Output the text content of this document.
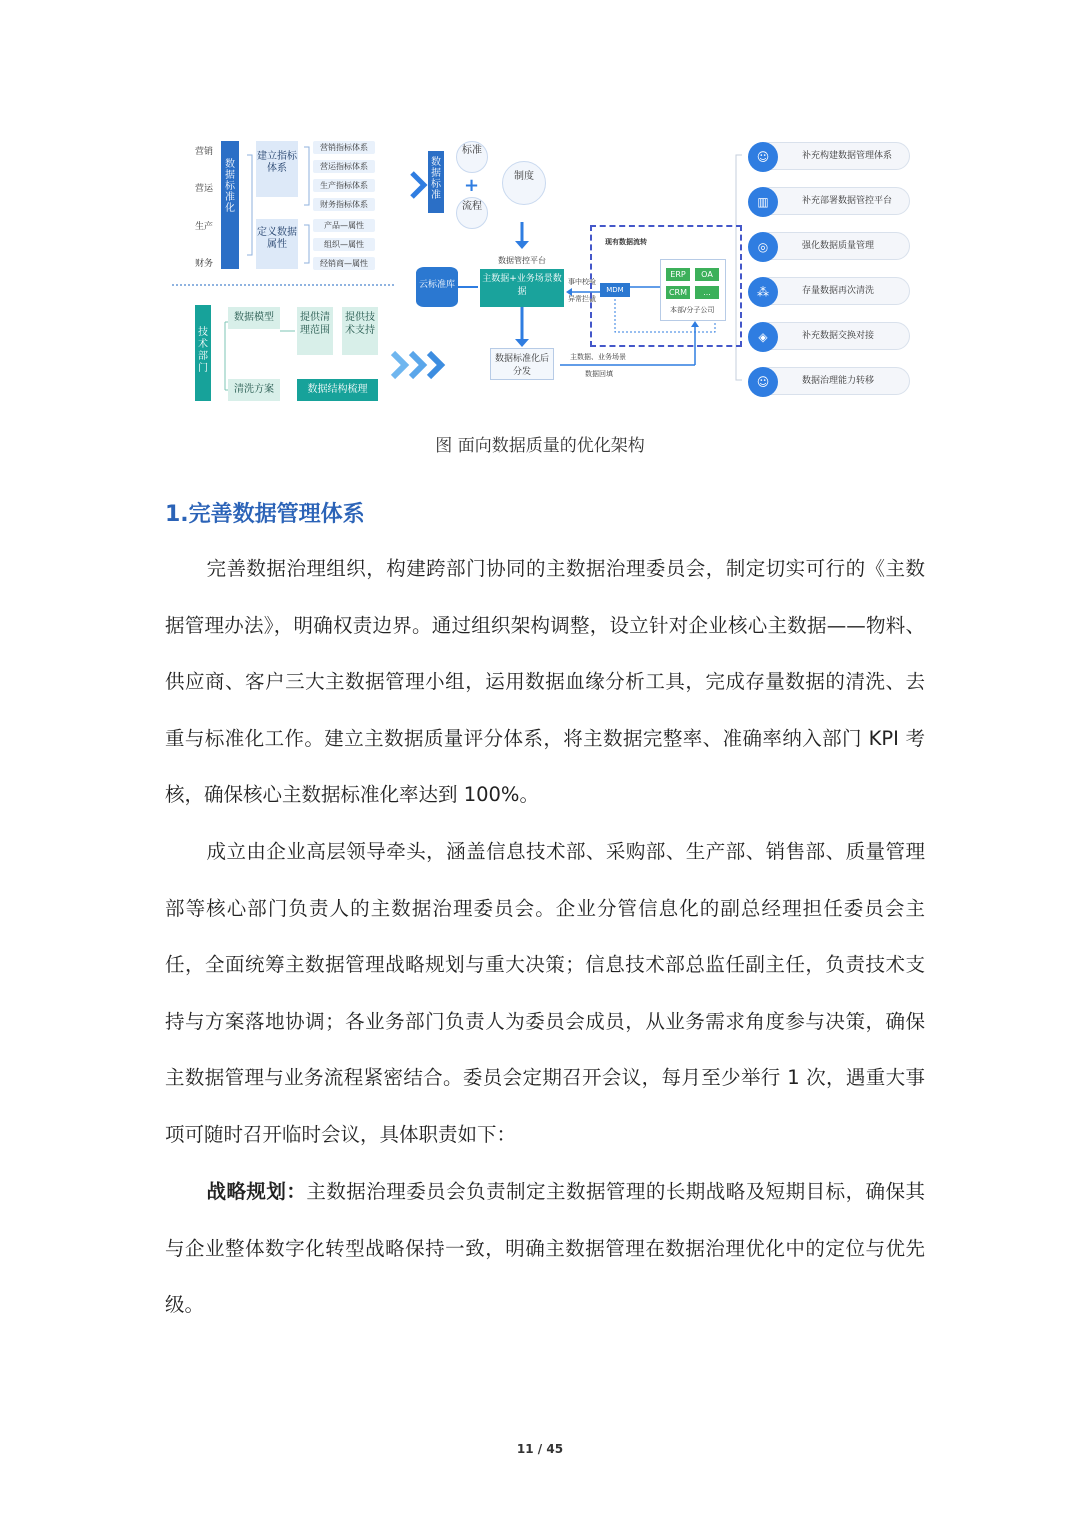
营销
营运
生产
财务
数据标准化
建立指标体系
营销指标体系
营运指标体系
生产指标体系
财务指标体系
定义数据属性
产品—属性
组织—属性
经销商—属性
技术部门
数据模型	提供清理范围
提供技术支持
清洗方案	数据结构梳理
数据标准
标准
+
流程
制度
数据管控平台
云标准库
主数据+业务场景数据
事中校验
异常拦截
数据标准化后分发
主数据、业务场景
数据回填
现有数据流转
MDM
ERP	OA
CRM	...
本部/分子公司
☺	补充构建数据管理体系
▥	补充部署数据管控平台
◎	强化数据质量管理
⁂	存量数据再次清洗
◈	补充数据交换对接
☺	数据治理能力转移
图 面向数据质量的优化架构
1.完善数据管理体系

完善数据治理组织，构建跨部门协同的主数据治理委员会，制定切实可行的《主数据管理办法》，明确权责边界。通过组织架构调整，设立针对企业核心主数据——物料、供应商、客户三大主数据管理小组，运用数据血缘分析工具，完成存量数据的清洗、去重与标准化工作。建立主数据质量评分体系，将主数据完整率、准确率纳入部门 KPI 考核，确保核心主数据标准化率达到 100%。

成立由企业高层领导牵头，涵盖信息技术部、采购部、生产部、销售部、质量管理部等核心部门负责人的主数据治理委员会。企业分管信息化的副总经理担任委员会主任，全面统筹主数据管理战略规划与重大决策；信息技术部总监任副主任，负责技术支持与方案落地协调；各业务部门负责人为委员会成员，从业务需求角度参与决策，确保主数据管理与业务流程紧密结合。委员会定期召开会议，每月至少举行 1 次，遇重大事项可随时召开临时会议，具体职责如下：

战略规划：主数据治理委员会负责制定主数据管理的长期战略及短期目标，确保其与企业整体数字化转型战略保持一致，明确主数据管理在数据治理优化中的定位与优先级。

11 / 45
